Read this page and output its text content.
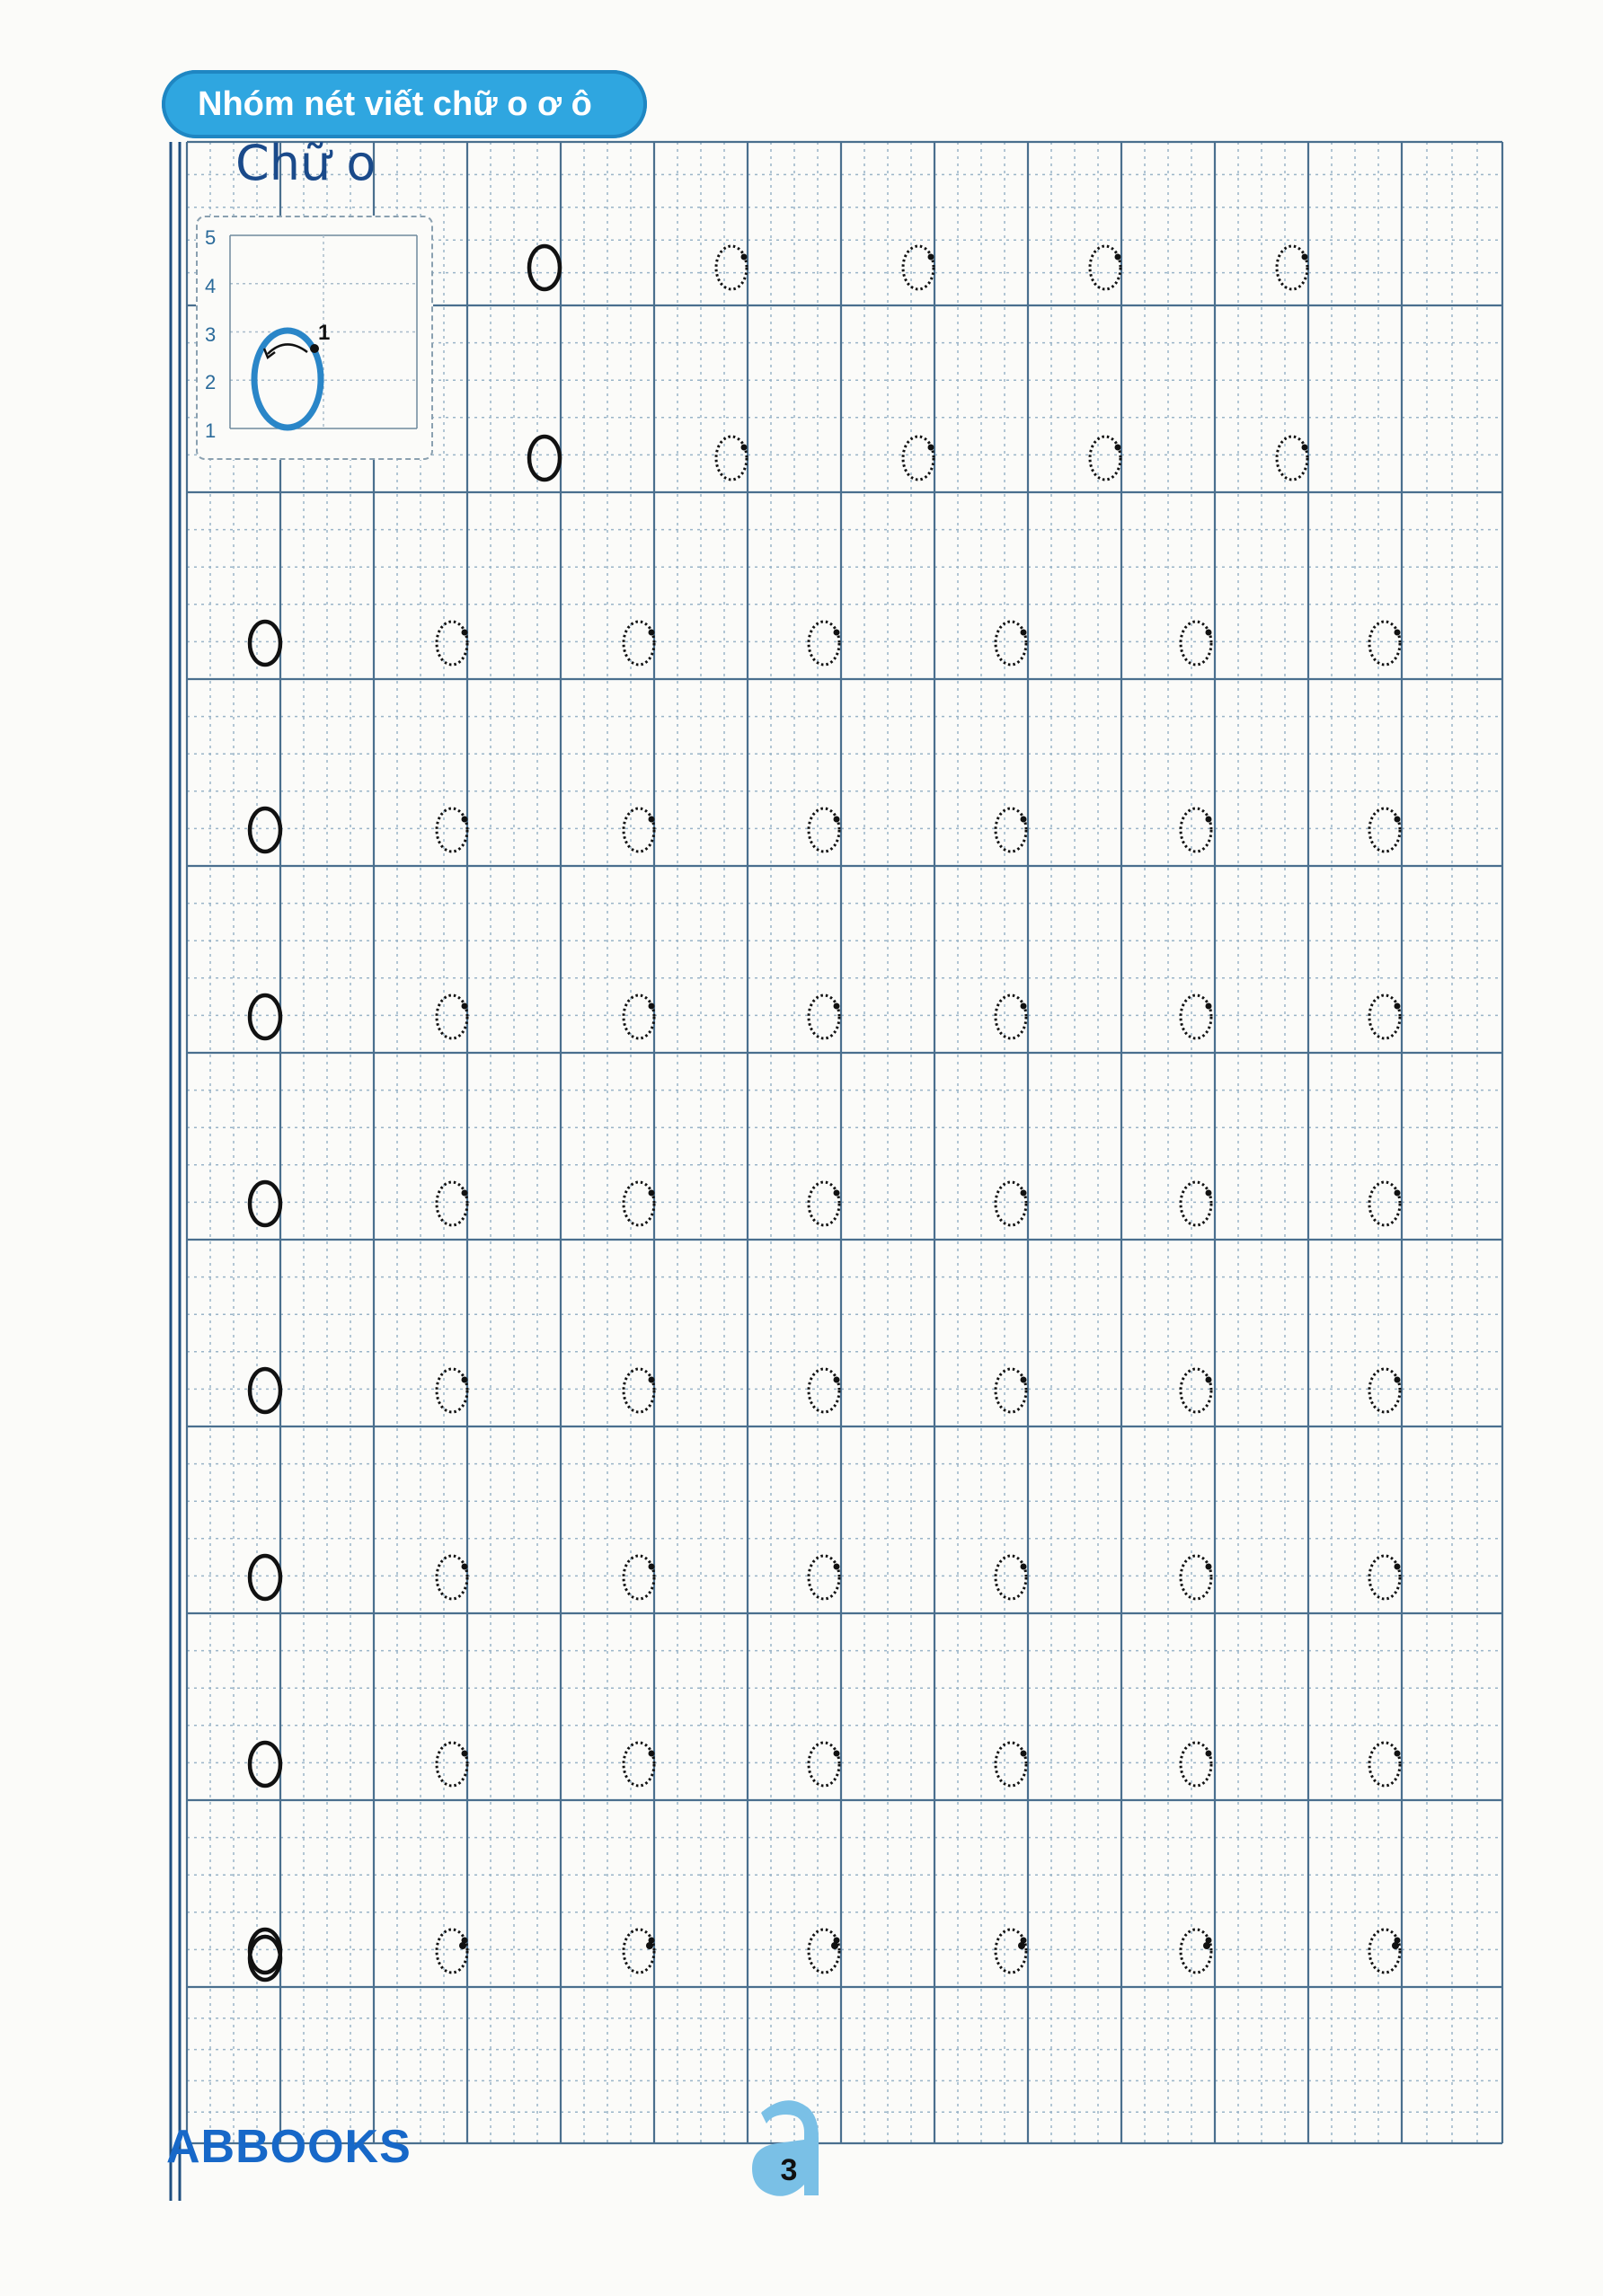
Nhóm nét viết chữ o ơ ô
Chữ o
1
5
4
3
2
1
ABBOOKS	3
